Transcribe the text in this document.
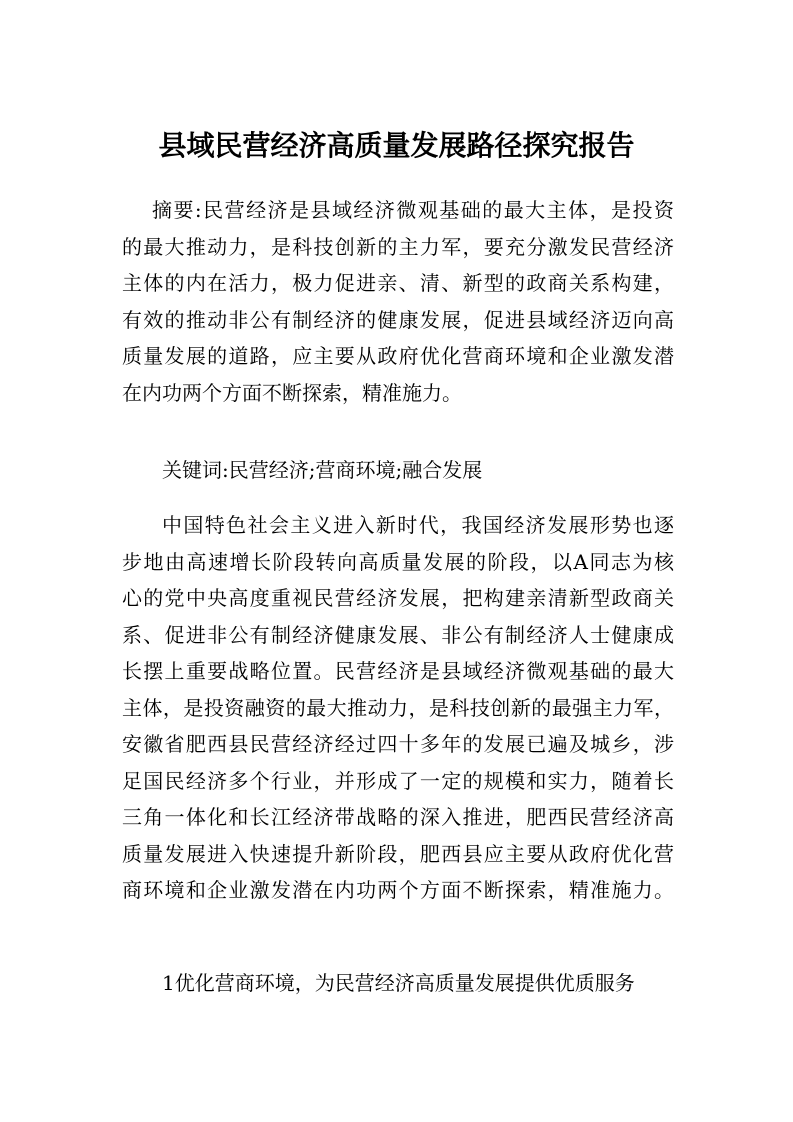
县域民营经济高质量发展路径探究报告
摘要:民营经济是县域经济微观基础的最大主体，是投资
的最大推动力，是科技创新的主力军，要充分激发民营经济
主体的内在活力，极力促进亲、清、新型的政商关系构建，
有效的推动非公有制经济的健康发展，促进县域经济迈向高
质量发展的道路，应主要从政府优化营商环境和企业激发潜
在内功两个方面不断探索，精准施力。
关键词:民营经济;营商环境;融合发展
中国特色社会主义进入新时代，我国经济发展形势也逐
步地由高速增长阶段转向高质量发展的阶段，以A同志为核
心的党中央高度重视民营经济发展，把构建亲清新型政商关
系、促进非公有制经济健康发展、非公有制经济人士健康成
长摆上重要战略位置。民营经济是县域经济微观基础的最大
主体，是投资融资的最大推动力，是科技创新的最强主力军，
安徽省肥西县民营经济经过四十多年的发展已遍及城乡，涉
足国民经济多个行业，并形成了一定的规模和实力，随着长
三角一体化和长江经济带战略的深入推进，肥西民营经济高
质量发展进入快速提升新阶段，肥西县应主要从政府优化营
商环境和企业激发潜在内功两个方面不断探索，精准施力。
1优化营商环境，为民营经济高质量发展提供优质服务
